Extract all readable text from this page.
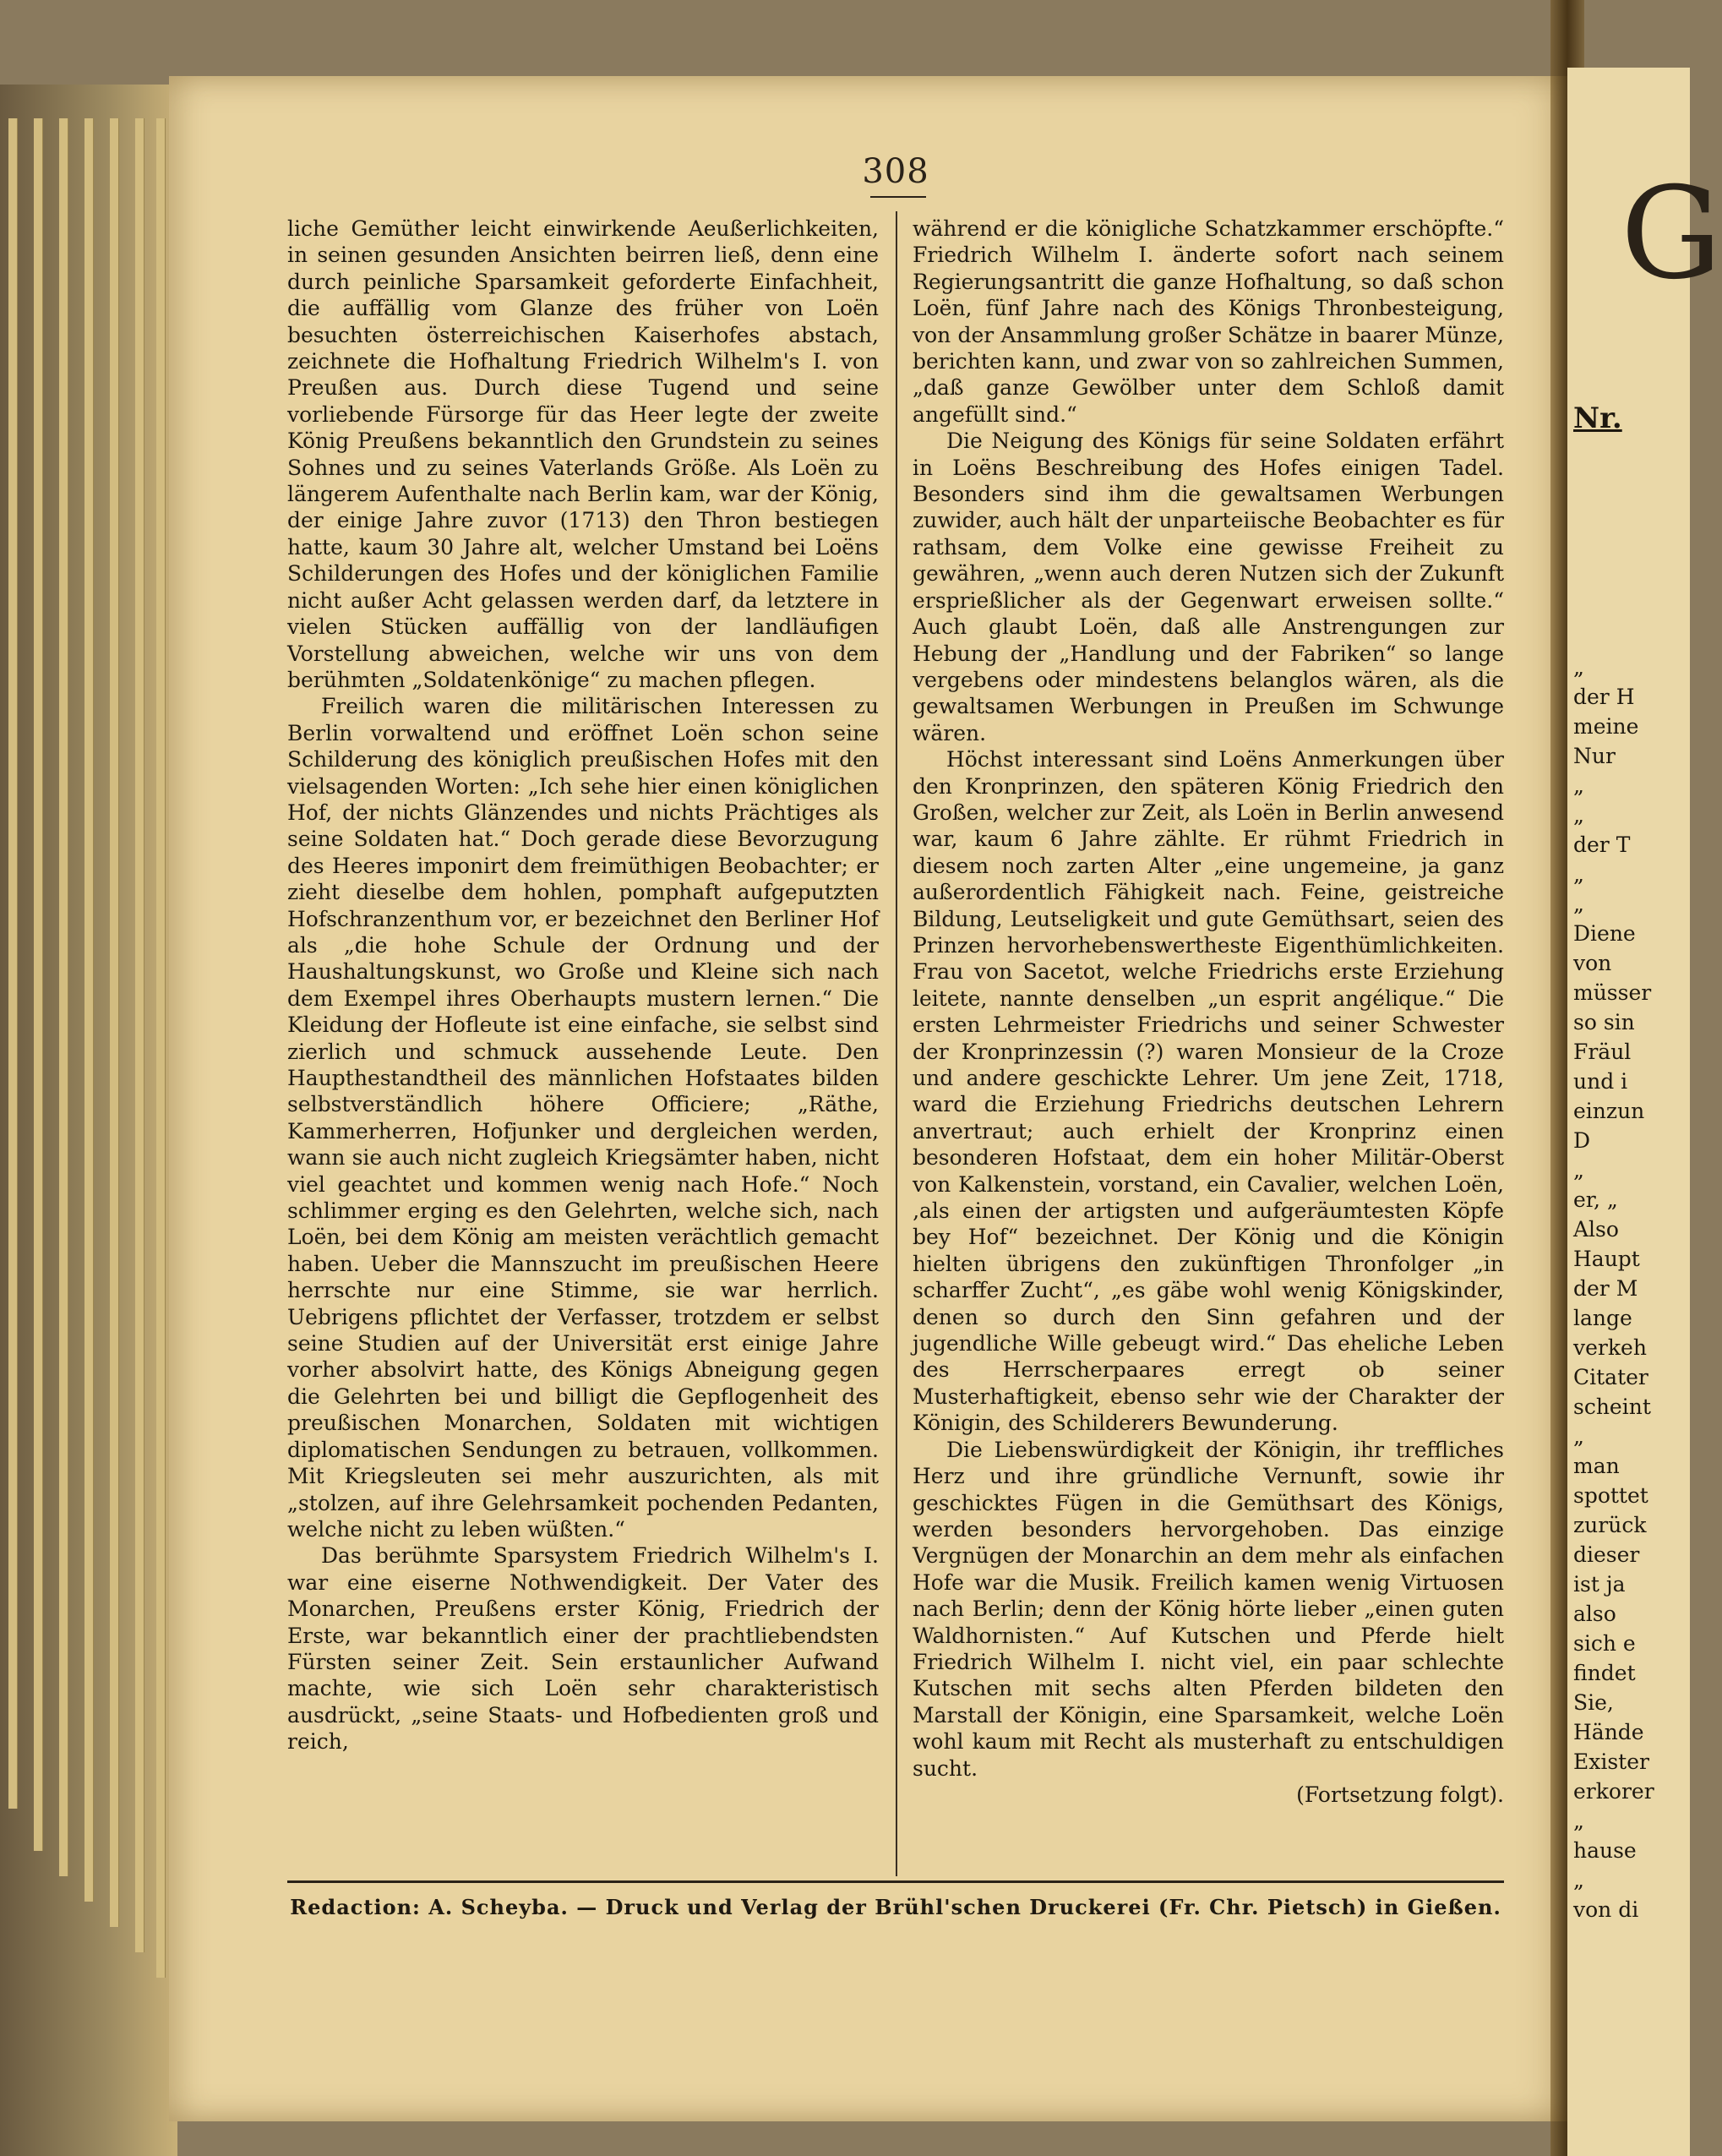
308

liche Gemüther leicht einwirkende Aeußerlichkeiten, in seinen gesunden Ansichten beirren ließ, denn eine durch peinliche Sparsamkeit geforderte Einfachheit, die auffällig vom Glanze des früher von Loën besuchten österreichischen Kaiserhofes abstach, zeichnete die Hofhaltung Friedrich Wilhelm's I. von Preußen aus. Durch diese Tugend und seine vorliebende Fürsorge für das Heer legte der zweite König Preußens bekanntlich den Grundstein zu seines Sohnes und zu seines Vaterlands Größe. Als Loën zu längerem Aufenthalte nach Berlin kam, war der König, der einige Jahre zuvor (1713) den Thron bestiegen hatte, kaum 30 Jahre alt, welcher Umstand bei Loëns Schilderungen des Hofes und der königlichen Familie nicht außer Acht gelassen werden darf, da letztere in vielen Stücken auffällig von der landläufigen Vorstellung abweichen, welche wir uns von dem berühmten „Soldatenkönige“ zu machen pflegen.

Freilich waren die militärischen Interessen zu Berlin vorwaltend und eröffnet Loën schon seine Schilderung des königlich preußischen Hofes mit den vielsagenden Worten: „Ich sehe hier einen königlichen Hof, der nichts Glänzendes und nichts Prächtiges als seine Soldaten hat.“ Doch gerade diese Bevorzugung des Heeres imponirt dem freimüthigen Beobachter; er zieht dieselbe dem hohlen, pomphaft aufgeputzten Hofschranzenthum vor, er bezeichnet den Berliner Hof als „die hohe Schule der Ordnung und der Haushaltungskunst, wo Große und Kleine sich nach dem Exempel ihres Oberhaupts mustern lernen.“ Die Kleidung der Hofleute ist eine einfache, sie selbst sind zierlich und schmuck aussehende Leute. Den Haupthestandtheil des männlichen Hofstaates bilden selbstverständlich höhere Officiere; „Räthe, Kammerherren, Hofjunker und dergleichen werden, wann sie auch nicht zugleich Kriegsämter haben, nicht viel geachtet und kommen wenig nach Hofe.“ Noch schlimmer erging es den Gelehrten, welche sich, nach Loën, bei dem König am meisten verächtlich gemacht haben. Ueber die Mannszucht im preußischen Heere herrschte nur eine Stimme, sie war herrlich. Uebrigens pflichtet der Verfasser, trotzdem er selbst seine Studien auf der Universität erst einige Jahre vorher absolvirt hatte, des Königs Abneigung gegen die Gelehrten bei und billigt die Gepflogenheit des preußischen Monarchen, Soldaten mit wichtigen diplomatischen Sendungen zu betrauen, vollkommen. Mit Kriegsleuten sei mehr auszurichten, als mit „stolzen, auf ihre Gelehrsamkeit pochenden Pedanten, welche nicht zu leben wüßten.“

Das berühmte Sparsystem Friedrich Wilhelm's I. war eine eiserne Nothwendigkeit. Der Vater des Monarchen, Preußens erster König, Friedrich der Erste, war bekanntlich einer der prachtliebendsten Fürsten seiner Zeit. Sein erstaunlicher Aufwand machte, wie sich Loën sehr charakteristisch ausdrückt, „seine Staats- und Hofbedienten groß und reich,

während er die königliche Schatzkammer erschöpfte.“ Friedrich Wilhelm I. änderte sofort nach seinem Regierungsantritt die ganze Hofhaltung, so daß schon Loën, fünf Jahre nach des Königs Thronbesteigung, von der Ansammlung großer Schätze in baarer Münze, berichten kann, und zwar von so zahlreichen Summen, „daß ganze Gewölber unter dem Schloß damit angefüllt sind.“

Die Neigung des Königs für seine Soldaten erfährt in Loëns Beschreibung des Hofes einigen Tadel. Besonders sind ihm die gewaltsamen Werbungen zuwider, auch hält der unparteiische Beobachter es für rathsam, dem Volke eine gewisse Freiheit zu gewähren, „wenn auch deren Nutzen sich der Zukunft ersprießlicher als der Gegenwart erweisen sollte.“ Auch glaubt Loën, daß alle Anstrengungen zur Hebung der „Handlung und der Fabriken“ so lange vergebens oder mindestens belanglos wären, als die gewaltsamen Werbungen in Preußen im Schwunge wären.

Höchst interessant sind Loëns Anmerkungen über den Kronprinzen, den späteren König Friedrich den Großen, welcher zur Zeit, als Loën in Berlin anwesend war, kaum 6 Jahre zählte. Er rühmt Friedrich in diesem noch zarten Alter „eine ungemeine, ja ganz außerordentlich Fähigkeit nach. Feine, geistreiche Bildung, Leutseligkeit und gute Gemüthsart, seien des Prinzen hervorhebenswertheste Eigenthümlichkeiten. Frau von Sacetot, welche Friedrichs erste Erziehung leitete, nannte denselben „un esprit angélique.“ Die ersten Lehrmeister Friedrichs und seiner Schwester der Kronprinzessin (?) waren Monsieur de la Croze und andere geschickte Lehrer. Um jene Zeit, 1718, ward die Erziehung Friedrichs deutschen Lehrern anvertraut; auch erhielt der Kronprinz einen besonderen Hofstaat, dem ein hoher Militär-Oberst von Kalkenstein, vorstand, ein Cavalier, welchen Loën, ‚als einen der artigsten und aufgeräumtesten Köpfe bey Hof“ bezeichnet. Der König und die Königin hielten übrigens den zukünftigen Thronfolger „in scharffer Zucht“, „es gäbe wohl wenig Königskinder, denen so durch den Sinn gefahren und der jugendliche Wille gebeugt wird.“ Das eheliche Leben des Herrscherpaares erregt ob seiner Musterhaftigkeit, ebenso sehr wie der Charakter der Königin, des Schilderers Bewunderung.

Die Liebenswürdigkeit der Königin, ihr treffliches Herz und ihre gründliche Vernunft, sowie ihr geschicktes Fügen in die Gemüthsart des Königs, werden besonders hervorgehoben. Das einzige Vergnügen der Monarchin an dem mehr als einfachen Hofe war die Musik. Freilich kamen wenig Virtuosen nach Berlin; denn der König hörte lieber „einen guten Waldhornisten.“ Auf Kutschen und Pferde hielt Friedrich Wilhelm I. nicht viel, ein paar schlechte Kutschen mit sechs alten Pferden bildeten den Marstall der Königin, eine Sparsamkeit, welche Loën wohl kaum mit Recht als musterhaft zu entschuldigen sucht.

(Fortsetzung folgt).

Redaction: A. Scheyba. — Druck und Verlag der Brühl'schen Druckerei (Fr. Chr. Pietsch) in Gießen.
G
Nr.
„
der H
meine
Nur
„
„
der T
„
„
Diene
von
müsser
so sin
Fräul
und i
einzun
D
„
er, „
Also
Haupt
der M
lange
verkeh
Citater
scheint
„
man
spottet
zurück
dieser
ist ja
also
sich e
findet
Sie,
Hände
Exister
erkorer
„
hause
„
von di
